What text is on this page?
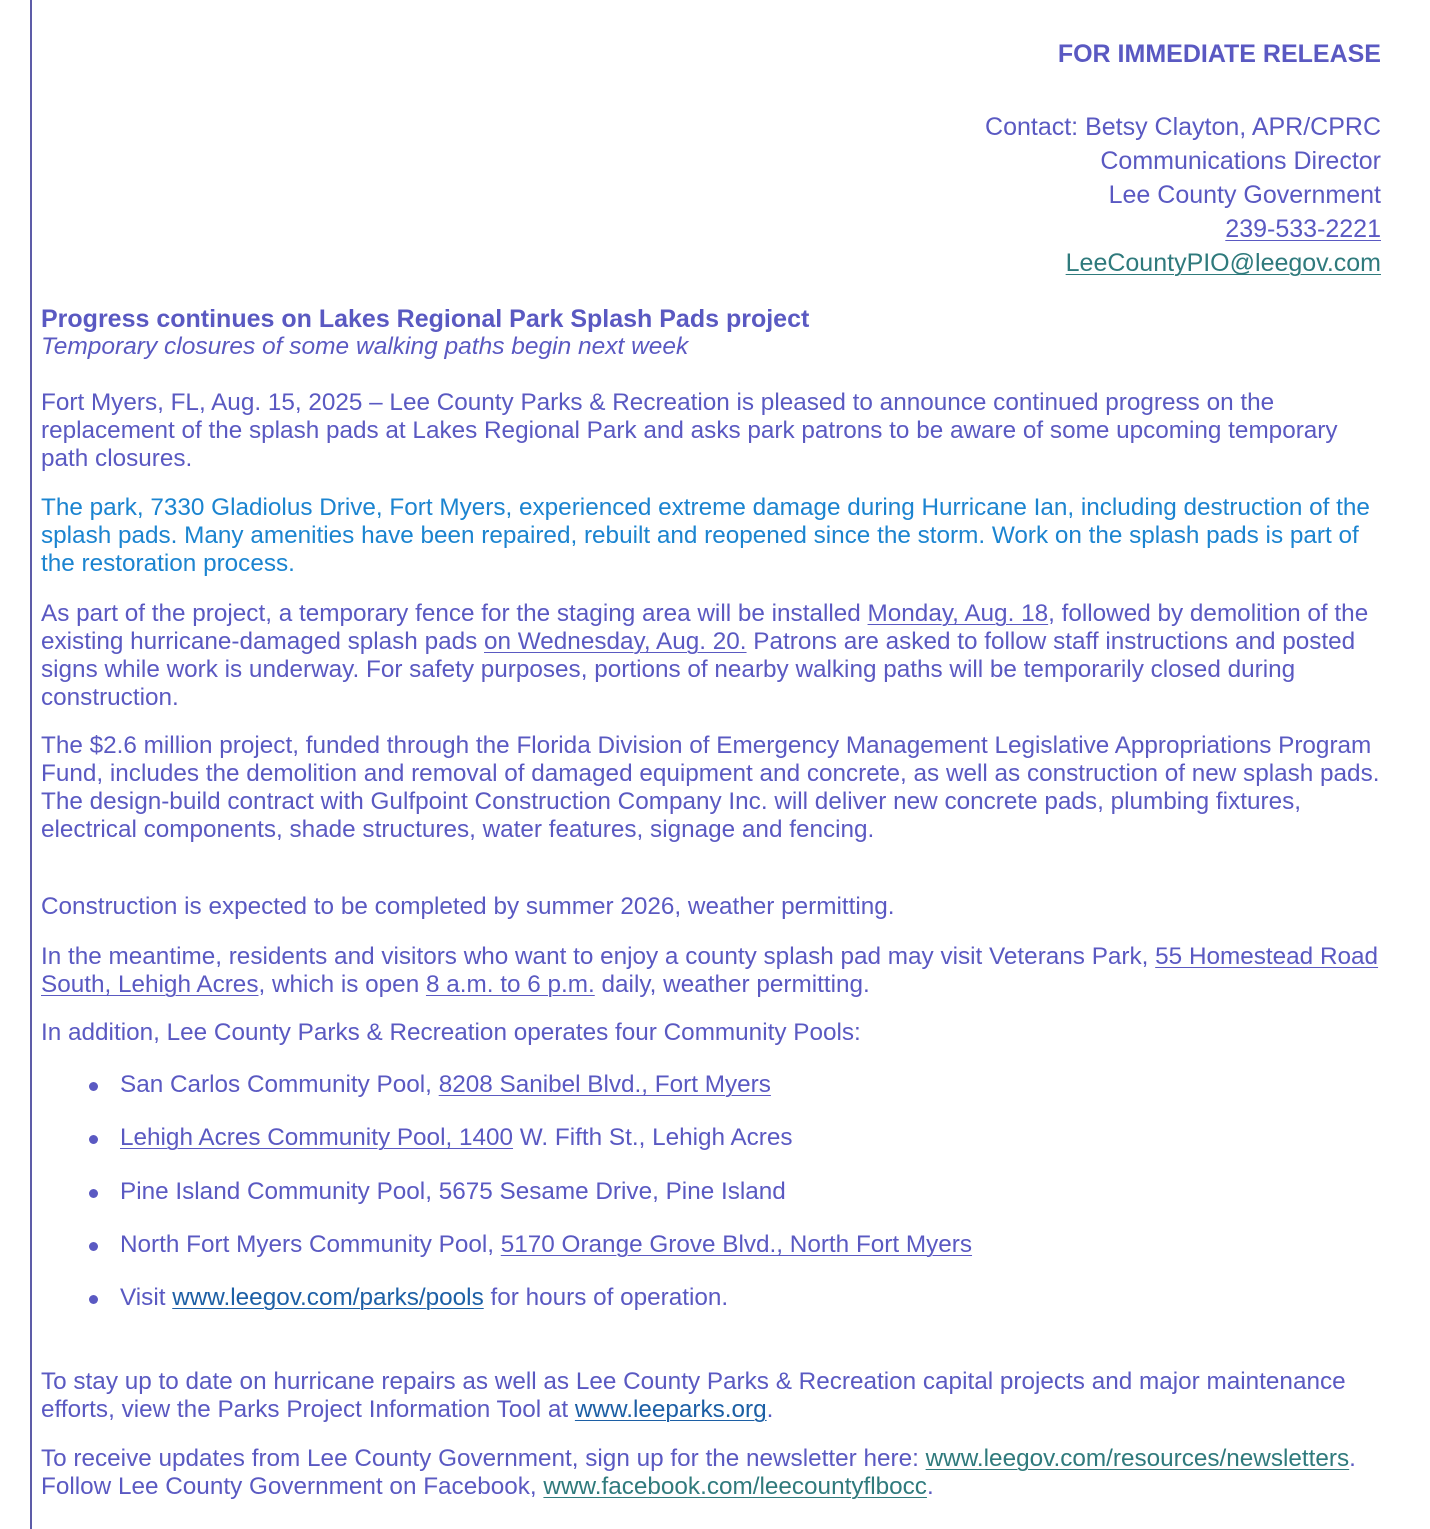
FOR IMMEDIATE RELEASE
Contact: Betsy Clayton, APR/CPRC
Communications Director
Lee County Government
239-533-2221
LeeCountyPIO@leegov.com
Progress continues on Lakes Regional Park Splash Pads project
Temporary closures of some walking paths begin next week

Fort Myers, FL, Aug. 15, 2025 – Lee County Parks & Recreation is pleased to announce continued progress on the replacement of the splash pads at Lakes Regional Park and asks park patrons to be aware of some upcoming temporary path closures.

The park, 7330 Gladiolus Drive, Fort Myers, experienced extreme damage during Hurricane Ian, including destruction of the splash pads. Many amenities have been repaired, rebuilt and reopened since the storm. Work on the splash pads is part of the restoration process.

As part of the project, a temporary fence for the staging area will be installed Monday, Aug. 18, followed by demolition of the existing hurricane-damaged splash pads on Wednesday, Aug. 20. Patrons are asked to follow staff instructions and posted signs while work is underway. For safety purposes, portions of nearby walking paths will be temporarily closed during construction.

The $2.6 million project, funded through the Florida Division of Emergency Management Legislative Appropriations Program Fund, includes the demolition and removal of damaged equipment and concrete, as well as construction of new splash pads. The design-build contract with Gulfpoint Construction Company Inc. will deliver new concrete pads, plumbing fixtures, electrical components, shade structures, water features, signage and fencing.

Construction is expected to be completed by summer 2026, weather permitting.

In the meantime, residents and visitors who want to enjoy a county splash pad may visit Veterans Park, 55 Homestead Road South, Lehigh Acres, which is open 8 a.m. to 6 p.m. daily, weather permitting.

In addition, Lee County Parks & Recreation operates four Community Pools:

San Carlos Community Pool, 8208 Sanibel Blvd., Fort Myers
Lehigh Acres Community Pool, 1400 W. Fifth St., Lehigh Acres
Pine Island Community Pool, 5675 Sesame Drive, Pine Island
North Fort Myers Community Pool, 5170 Orange Grove Blvd., North Fort Myers
Visit www.leegov.com/parks/pools for hours of operation.

To stay up to date on hurricane repairs as well as Lee County Parks & Recreation capital projects and major maintenance efforts, view the Parks Project Information Tool at www.leeparks.org.

To receive updates from Lee County Government, sign up for the newsletter here: www.leegov.com/resources/newsletters. Follow Lee County Government on Facebook, www.facebook.com/leecountyflbocc.
